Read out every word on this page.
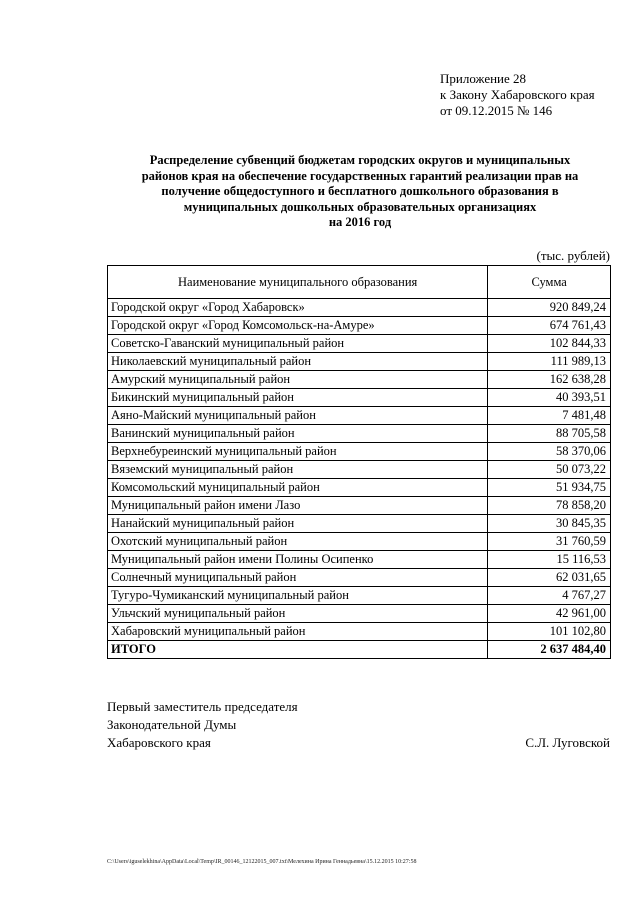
Приложение 28
к Закону Хабаровского края
от 09.12.2015 № 146
Распределение субвенций бюджетам городских округов и муниципальных
районов края на обеспечение государственных гарантий реализации прав на
получение общедоступного и бесплатного дошкольного образования в
муниципальных дошкольных образовательных организациях
на 2016 год
(тыс. рублей)
Наименование муниципального образования	Сумма
Городской округ «Город Хабаровск»	920 849,24
Городской округ «Город Комсомольск-на-Амуре»	674 761,43
Советско-Гаванский муниципальный район	102 844,33
Николаевский муниципальный район	111 989,13
Амурский муниципальный район	162 638,28
Бикинский муниципальный район	40 393,51
Аяно-Майский муниципальный район	7 481,48
Ванинский муниципальный район	88 705,58
Верхнебуреинский муниципальный район	58 370,06
Вяземский муниципальный район	50 073,22
Комсомольский муниципальный район	51 934,75
Муниципальный район имени Лазо	78 858,20
Нанайский муниципальный район	30 845,35
Охотский муниципальный район	31 760,59
Муниципальный район имени Полины Осипенко	15 116,53
Солнечный муниципальный район	62 031,65
Тугуро-Чумиканский муниципальный район	4 767,27
Ульчский муниципальный район	42 961,00
Хабаровский муниципальный район	101 102,80
ИТОГО	2 637 484,40
Первый заместитель председателя
Законодательной Думы
Хабаровского края	С.Л. Луговской
C:\Users\iguselekhina\AppData\Local\Temp\IR_00146_12122015_007.txt\Мелехина Ирина Геннадьевна\15.12.2015 10:27:58
